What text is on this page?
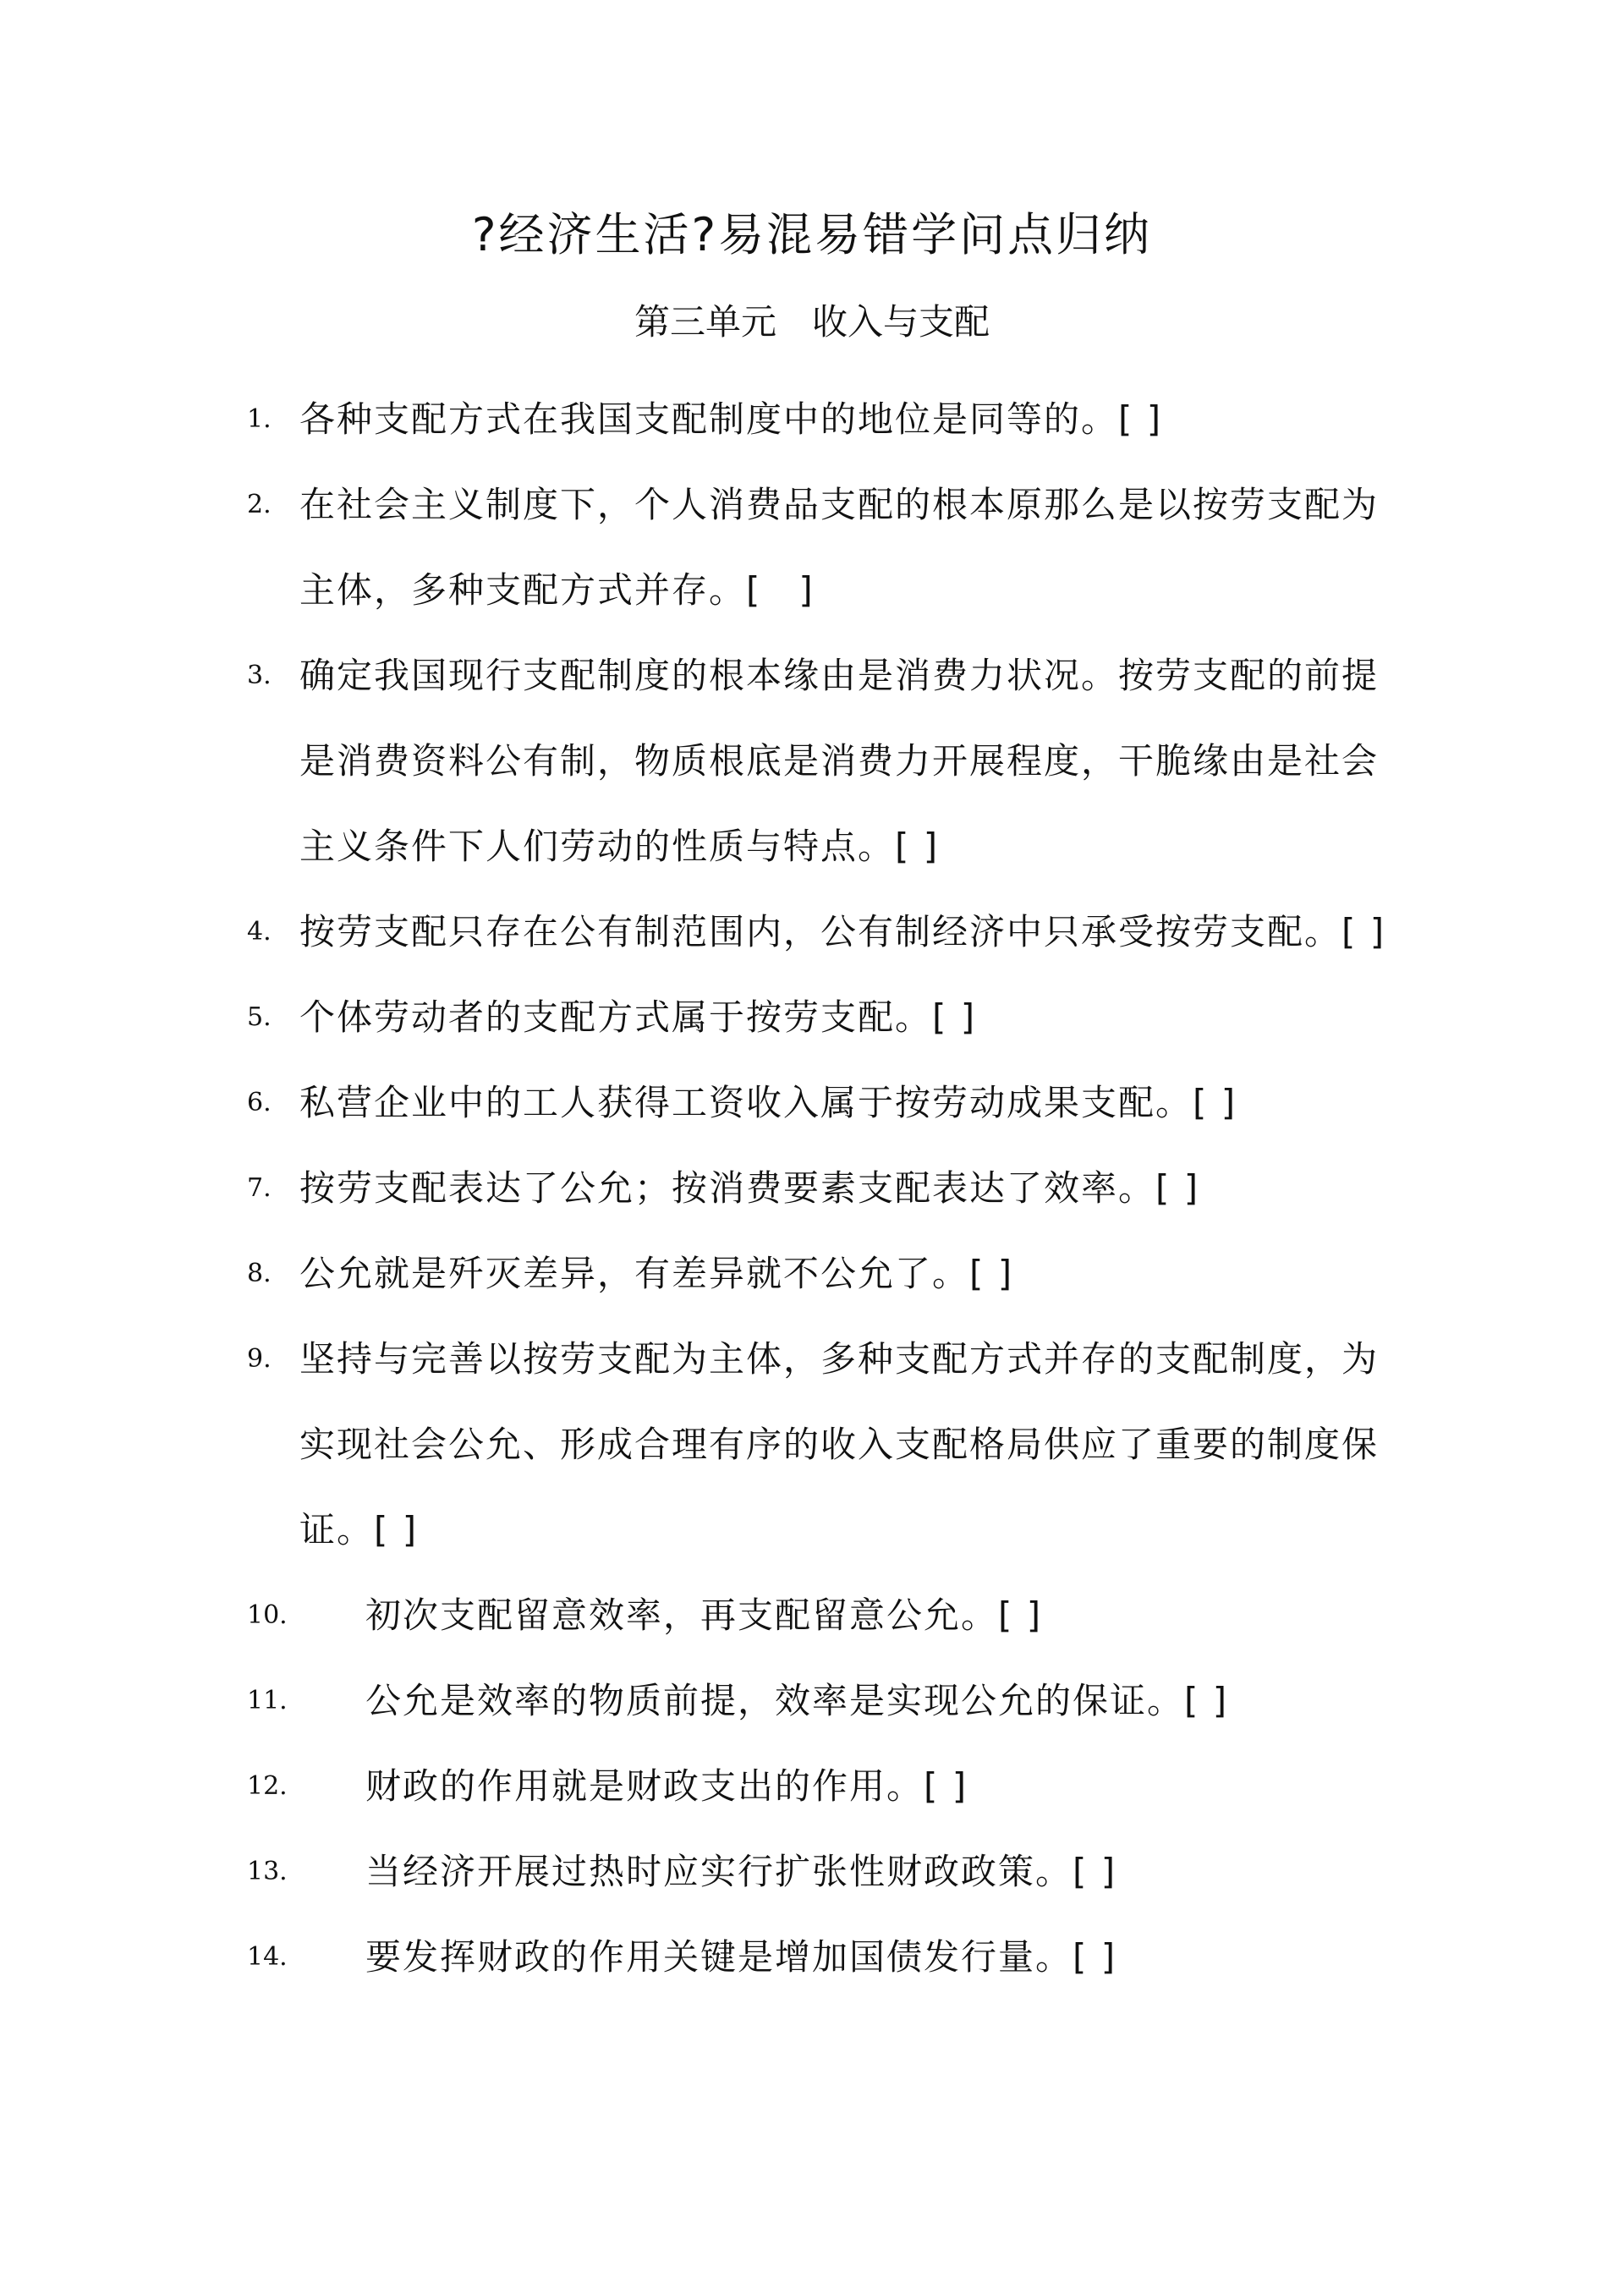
?经济生活?易混易错学问点归纳
第三单元　收入与支配
1. 各种支配方式在我国支配制度中的地位是同等的。[ ]
2. 在社会主义制度下，个人消费品支配的根本原那么是以按劳支配为主体，多种支配方式并存。[　]
3. 确定我国现行支配制度的根本缘由是消费力状况。按劳支配的前提是消费资料公有制，物质根底是消费力开展程度，干脆缘由是社会主义条件下人们劳动的性质与特点。[ ]
4. 按劳支配只存在公有制范围内，公有制经济中只承受按劳支配。[ ]
5. 个体劳动者的支配方式属于按劳支配。[ ]
6. 私营企业中的工人获得工资收入属于按劳动成果支配。[ ]
7. 按劳支配表达了公允；按消费要素支配表达了效率。[ ]
8. 公允就是歼灭差异，有差异就不公允了。[ ]
9. 坚持与完善以按劳支配为主体，多种支配方式并存的支配制度，为实现社会公允、形成合理有序的收入支配格局供应了重要的制度保证。[ ]
10. 初次支配留意效率，再支配留意公允。[ ]
11. 公允是效率的物质前提，效率是实现公允的保证。[ ]
12. 财政的作用就是财政支出的作用。[ ]
13. 当经济开展过热时应实行扩张性财政政策。[ ]
14. 要发挥财政的作用关键是增加国债发行量。[ ]
